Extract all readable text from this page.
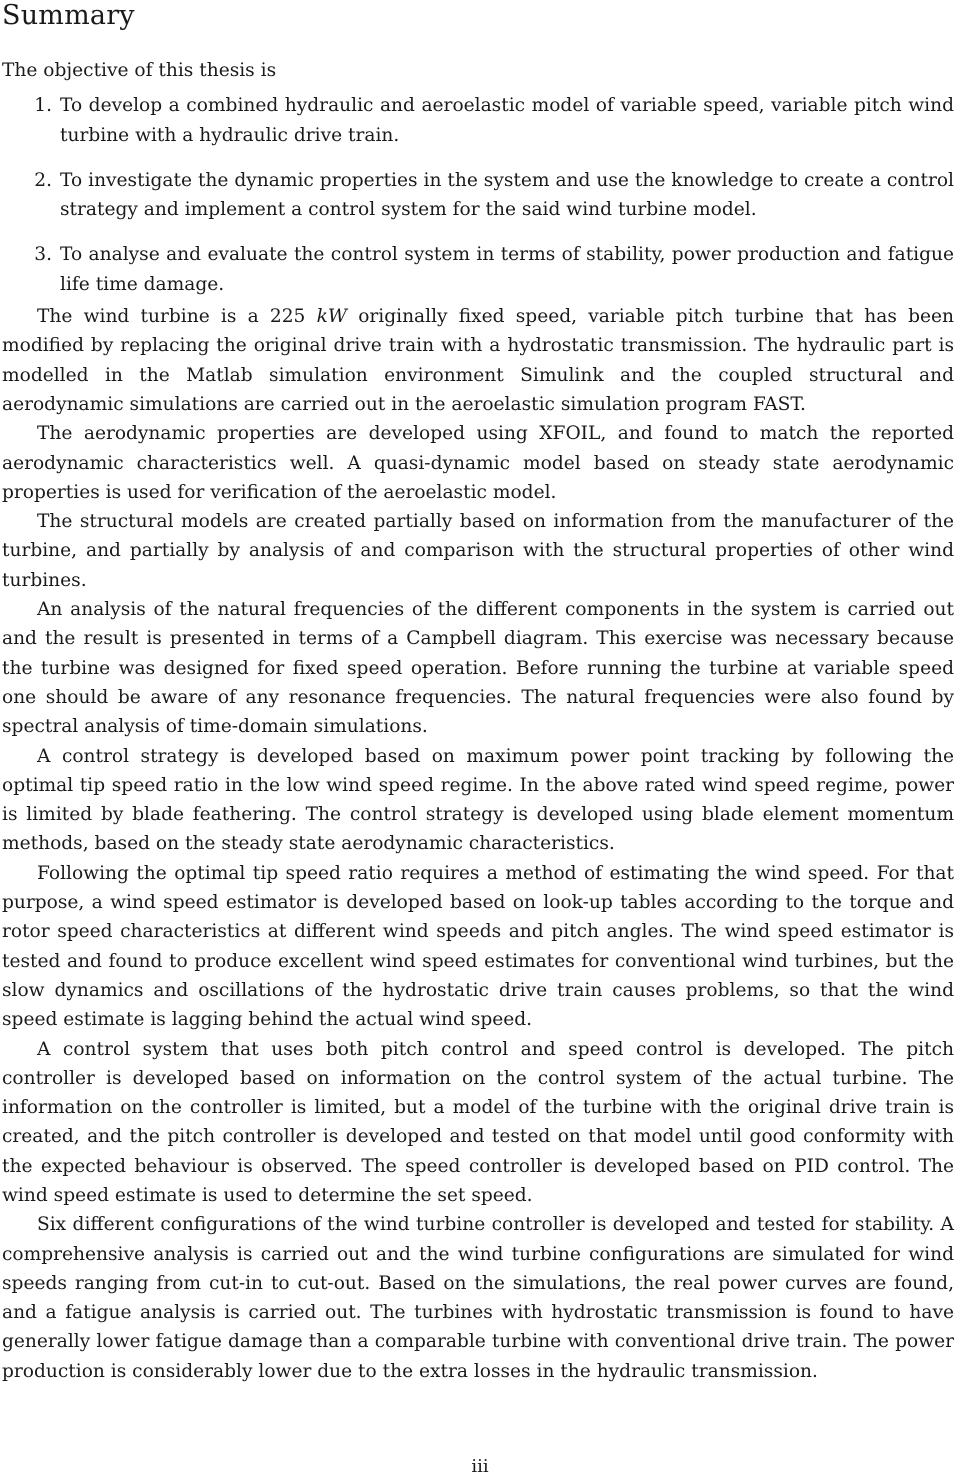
Summary

The objective of this thesis is

1. To develop a combined hydraulic and aeroelastic model of variable speed, variable pitch wind turbine with a hydraulic drive train.
2. To investigate the dynamic properties in the system and use the knowledge to create a control strategy and implement a control system for the said wind turbine model.
3. To analyse and evaluate the control system in terms of stability, power production and fatigue life time damage.

The wind turbine is a 225 kW originally fixed speed, variable pitch turbine that has been modified by replacing the original drive train with a hydrostatic transmission. The hydraulic part is modelled in the Matlab simulation environment Simulink and the coupled structural and aerodynamic simulations are carried out in the aeroelastic simulation program FAST.

The aerodynamic properties are developed using XFOIL, and found to match the reported aerodynamic characteristics well. A quasi-dynamic model based on steady state aerodynamic properties is used for verification of the aeroelastic model.

The structural models are created partially based on information from the manufacturer of the turbine, and partially by analysis of and comparison with the structural properties of other wind turbines.

An analysis of the natural frequencies of the different components in the system is carried out and the result is presented in terms of a Campbell diagram. This exercise was necessary because the turbine was designed for fixed speed operation. Before running the turbine at variable speed one should be aware of any resonance frequencies. The natural frequencies were also found by spectral analysis of time-domain simulations.

A control strategy is developed based on maximum power point tracking by following the optimal tip speed ratio in the low wind speed regime. In the above rated wind speed regime, power is limited by blade feathering. The control strategy is developed using blade element momentum methods, based on the steady state aerodynamic characteristics.

Following the optimal tip speed ratio requires a method of estimating the wind speed. For that purpose, a wind speed estimator is developed based on look-up tables according to the torque and rotor speed characteristics at different wind speeds and pitch angles. The wind speed estimator is tested and found to produce excellent wind speed estimates for conventional wind turbines, but the slow dynamics and oscillations of the hydrostatic drive train causes problems, so that the wind speed estimate is lagging behind the actual wind speed.

A control system that uses both pitch control and speed control is developed. The pitch controller is developed based on information on the control system of the actual turbine. The information on the controller is limited, but a model of the turbine with the original drive train is created, and the pitch controller is developed and tested on that model until good conformity with the expected behaviour is observed. The speed controller is developed based on PID control. The wind speed estimate is used to determine the set speed.

Six different configurations of the wind turbine controller is developed and tested for stability. A comprehensive analysis is carried out and the wind turbine configurations are simulated for wind speeds ranging from cut-in to cut-out. Based on the simulations, the real power curves are found, and a fatigue analysis is carried out. The turbines with hydrostatic transmission is found to have generally lower fatigue damage than a comparable turbine with conventional drive train. The power production is considerably lower due to the extra losses in the hydraulic transmission.

iii
